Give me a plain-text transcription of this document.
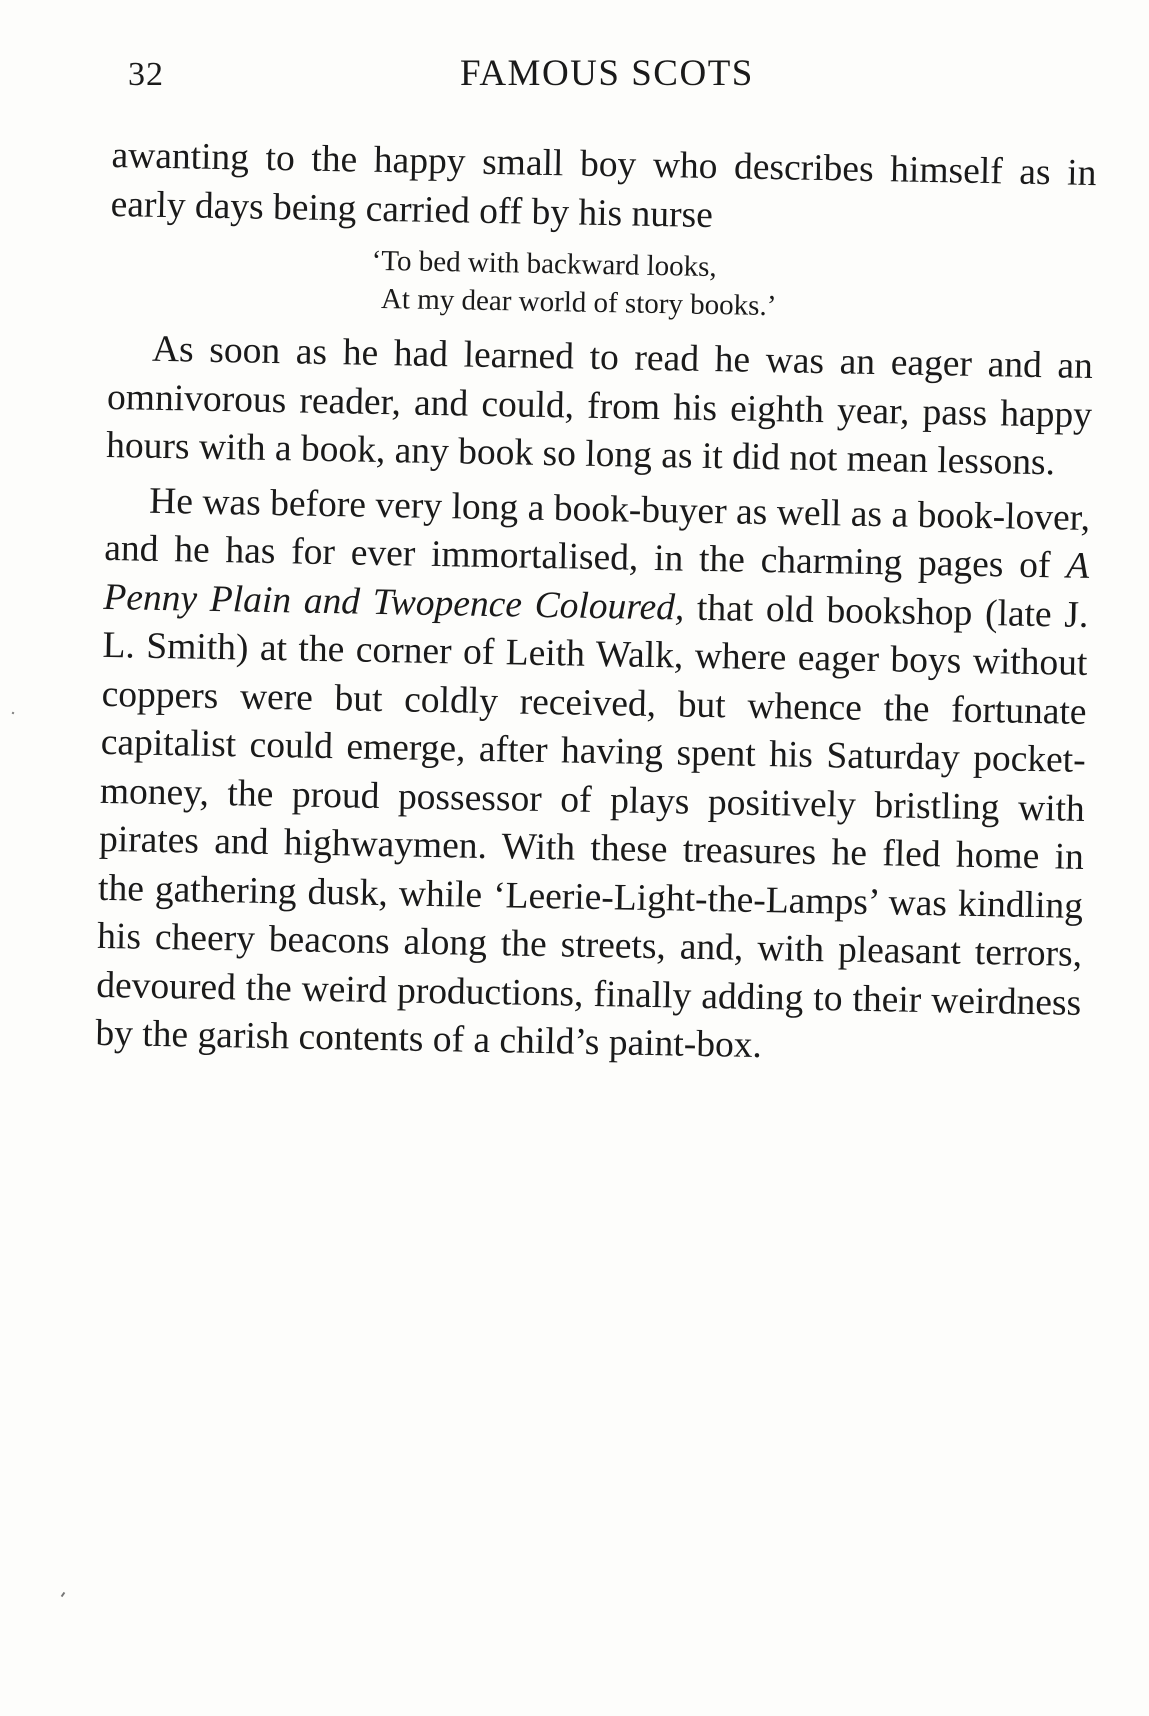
32	FAMOUS SCOTS

awanting to the happy small boy who describes himself as in early days being carried off by his nurse

‘To bed with backward looks,
At my dear world of story books.’

As soon as he had learned to read he was an eager and an omnivorous reader, and could, from his eighth year, pass happy hours with a book, any book so long as it did not mean lessons.

He was before very long a book-buyer as well as a book-lover, and he has for ever immortalised, in the charming pages of A Penny Plain and Twopence Coloured, that old bookshop (late J. L. Smith) at the corner of Leith Walk, where eager boys without coppers were but coldly received, but whence the fortunate capitalist could emerge, after having spent his Saturday pocket-money, the proud possessor of plays positively bristling with pirates and highwaymen. With these treasures he fled home in the gathering dusk, while ‘Leerie-Light-the-Lamps’ was kindling his cheery beacons along the streets, and, with pleasant terrors, devoured the weird productions, finally adding to their weirdness by the garish contents of a child’s paint-box.
